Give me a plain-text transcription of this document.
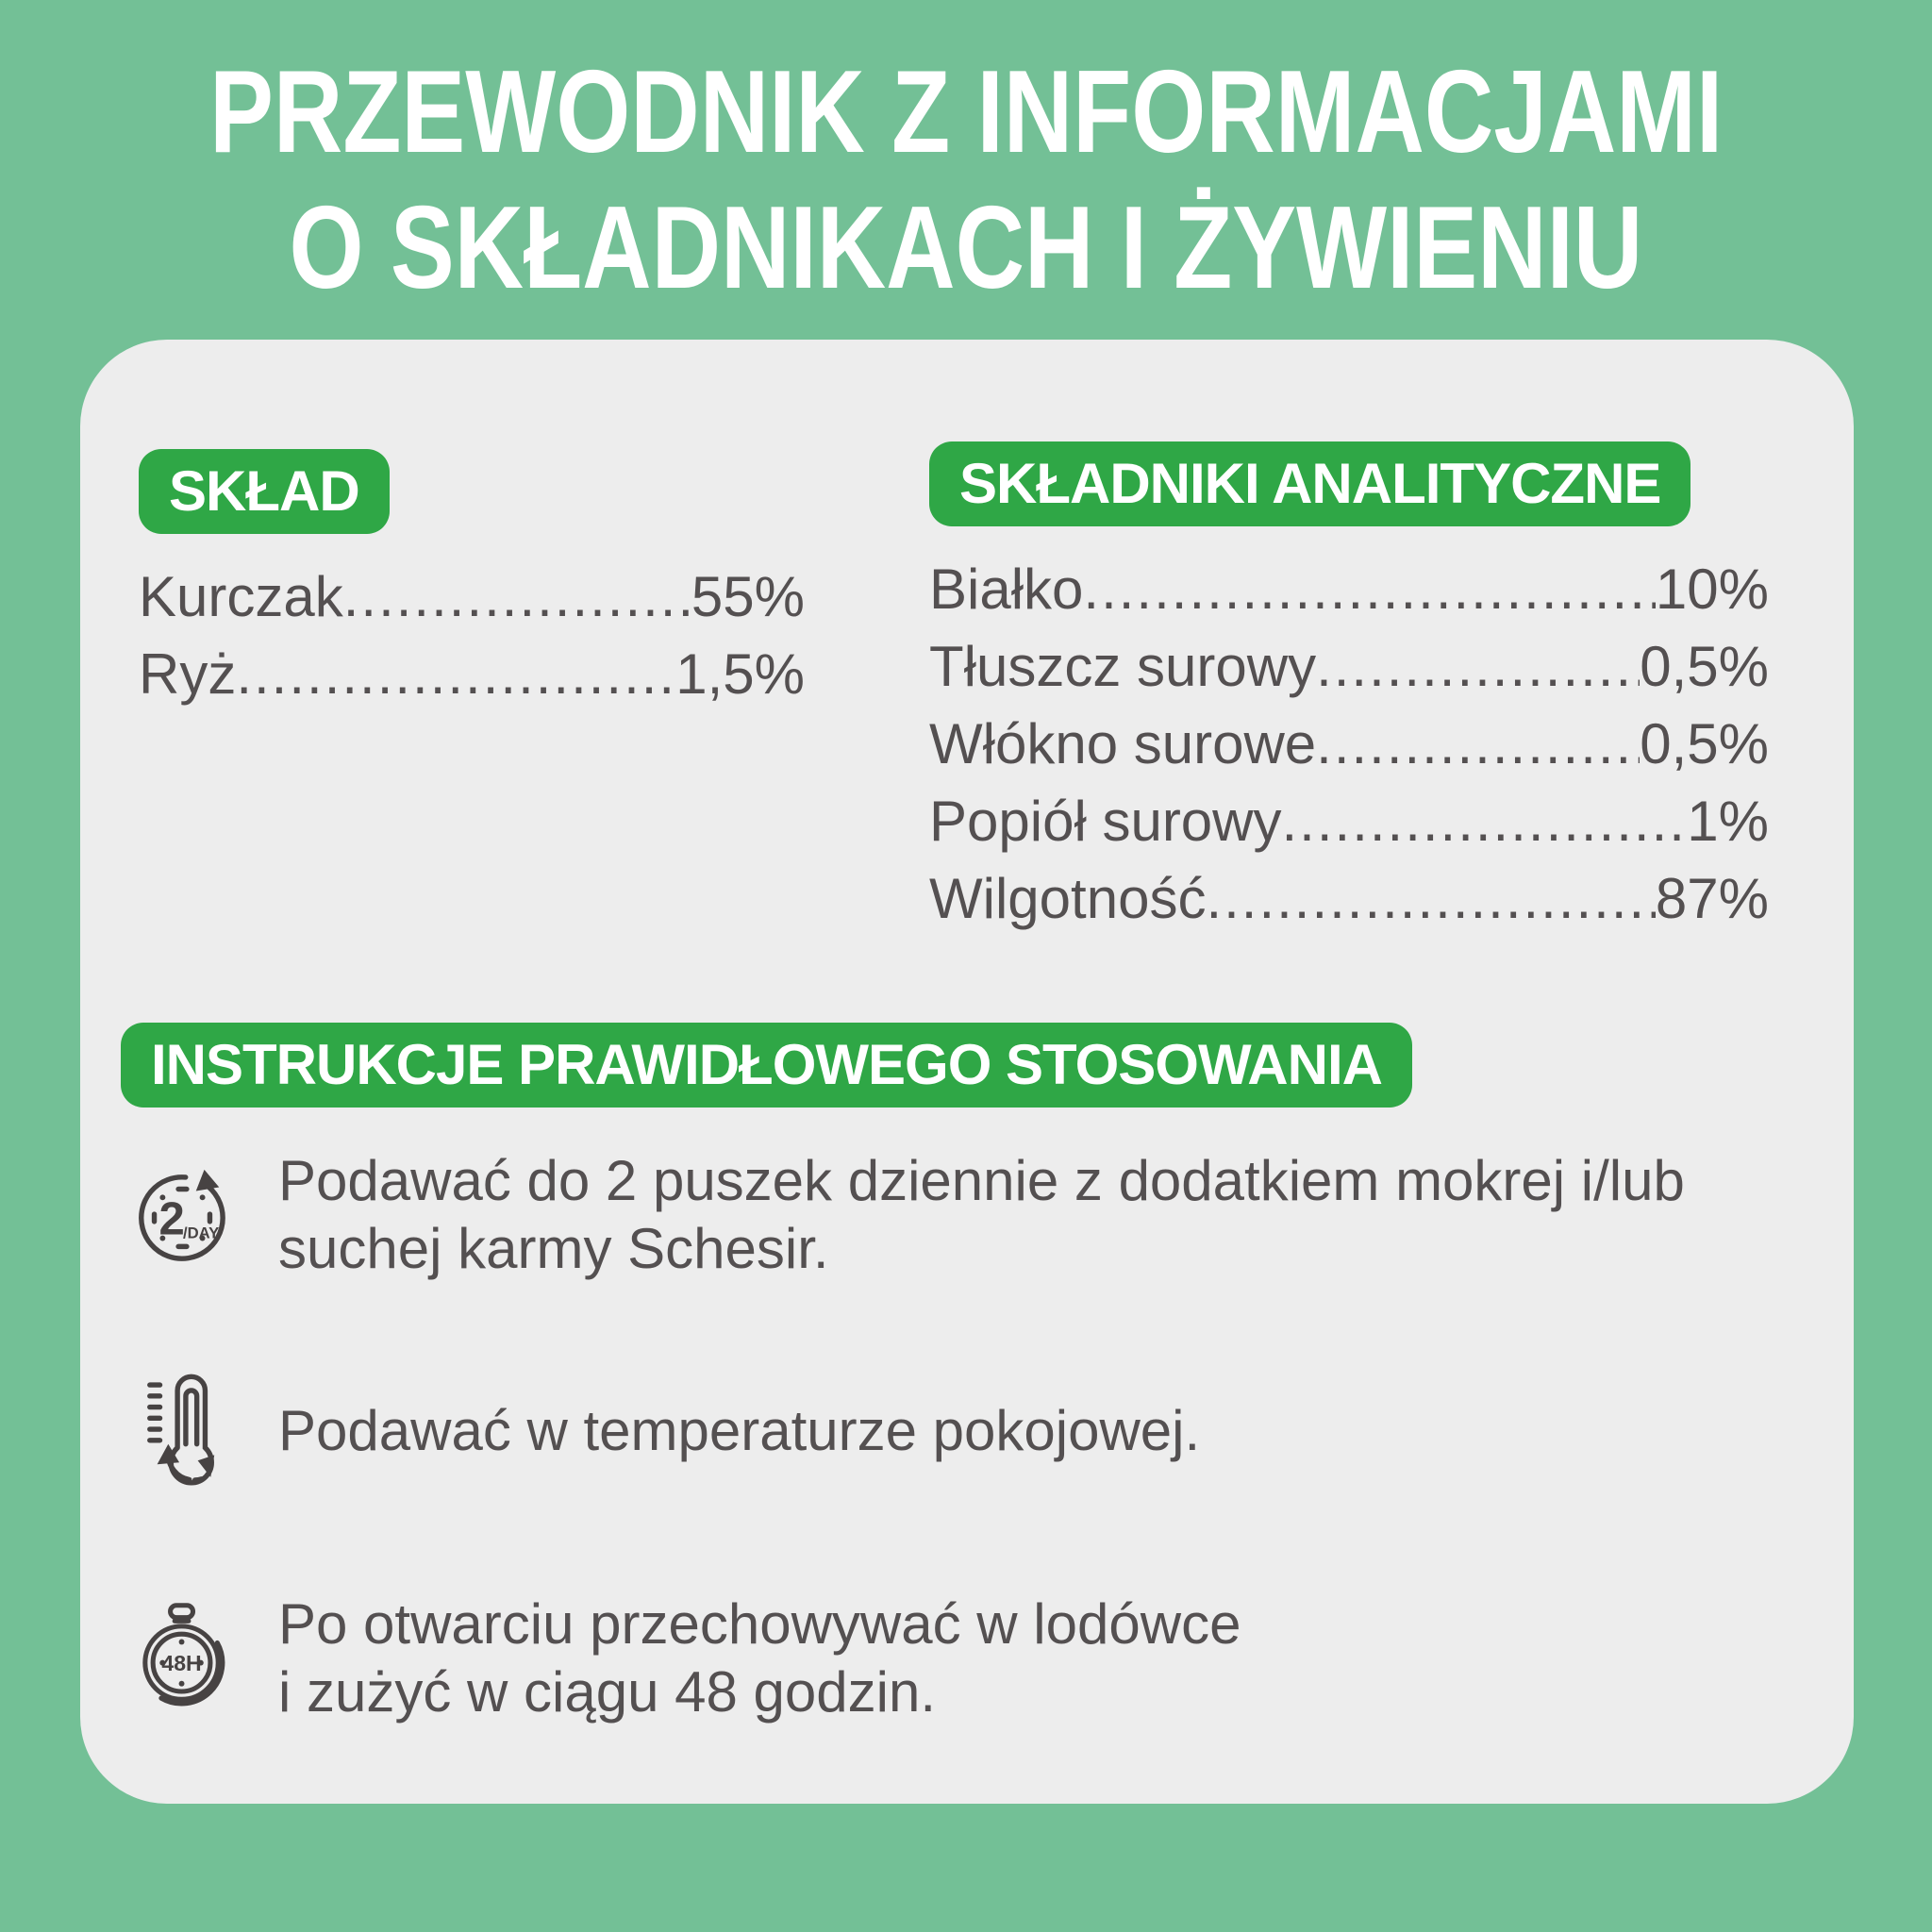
PRZEWODNIK Z INFORMACJAMI
O SKŁADNIKACH I ŻYWIENIU
SKŁAD
Kurczak .....	55%
Ryż .....	1,5%
SKŁADNIKI ANALITYCZNE
Białko .....	10%
Tłuszcz surowy .....	0,5%
Włókno surowe .....	0,5%
Popiół surowy .....	1%
Wilgotność .....	87%
INSTRUKCJE PRAWIDŁOWEGO STOSOWANIA
2
/DAY
Podawać do 2 puszek dziennie z dodatkiem mokrej i/lub
suchej karmy Schesir.
Podawać w temperaturze pokojowej.
48H
Po otwarciu przechowywać w lodówce
i zużyć w ciągu 48 godzin.
